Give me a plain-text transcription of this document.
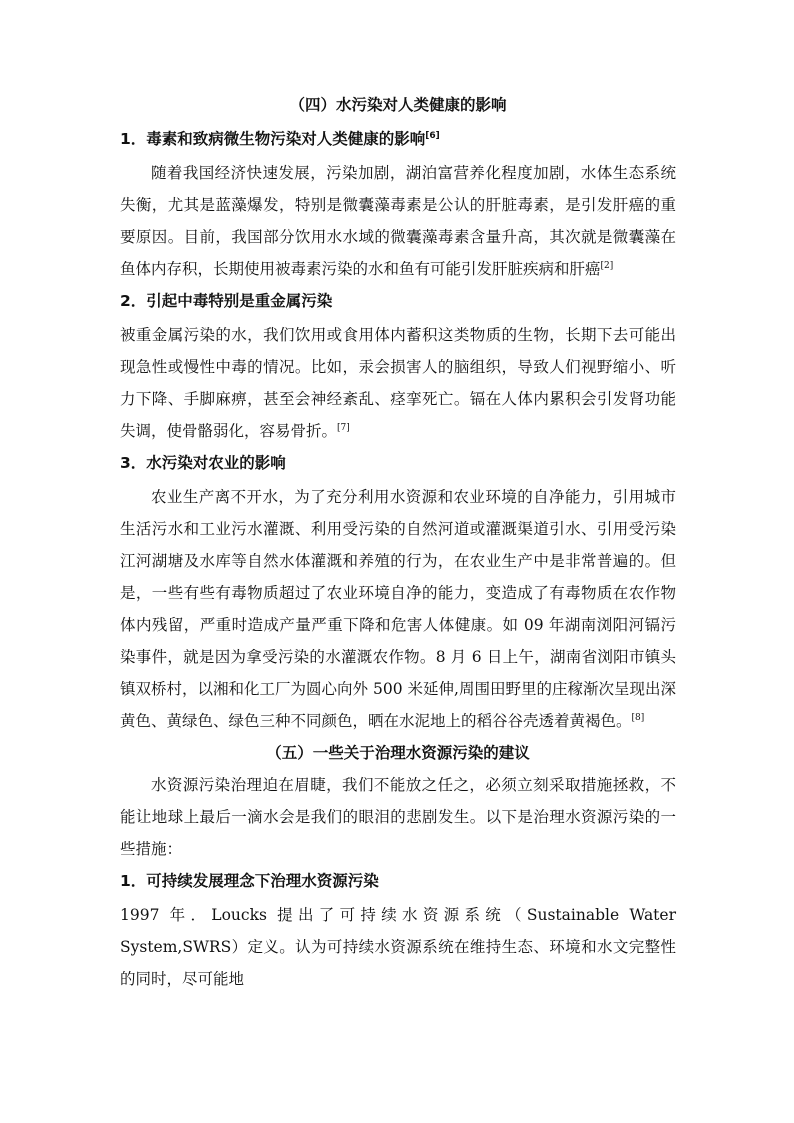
（四）水污染对人类健康的影响
1．毒素和致病微生物污染对人类健康的影响[6]
随着我国经济快速发展，污染加剧，湖泊富营养化程度加剧，水体生态系统失衡，尤其是蓝藻爆发，特别是微囊藻毒素是公认的肝脏毒素，是引发肝癌的重要原因。目前，我国部分饮用水水域的微囊藻毒素含量升高，其次就是微囊藻在鱼体内存积，长期使用被毒素污染的水和鱼有可能引发肝脏疾病和肝癌[2]
2．引起中毒特别是重金属污染
被重金属污染的水，我们饮用或食用体内蓄积这类物质的生物，长期下去可能出现急性或慢性中毒的情况。比如，汞会损害人的脑组织，导致人们视野缩小、听力下降、手脚麻痹，甚至会神经紊乱、痉挛死亡。镉在人体内累积会引发肾功能失调，使骨骼弱化，容易骨折。[7]
3．水污染对农业的影响
农业生产离不开水，为了充分利用水资源和农业环境的自净能力，引用城市生活污水和工业污水灌溉、利用受污染的自然河道或灌溉渠道引水、引用受污染江河湖塘及水库等自然水体灌溉和养殖的行为，在农业生产中是非常普遍的。但是，一些有些有毒物质超过了农业环境自净的能力，变造成了有毒物质在农作物体内残留，严重时造成产量严重下降和危害人体健康。如 09 年湖南浏阳河镉污染事件，就是因为拿受污染的水灌溉农作物。8 月 6 日上午，湖南省浏阳市镇头镇双桥村，以湘和化工厂为圆心向外 500 米延伸,周围田野里的庄稼渐次呈现出深黄色、黄绿色、绿色三种不同颜色，晒在水泥地上的稻谷谷壳透着黄褐色。[8]
（五）一些关于治理水资源污染的建议
水资源污染治理迫在眉睫，我们不能放之任之，必须立刻采取措施拯救，不能让地球上最后一滴水会是我们的眼泪的悲剧发生。以下是治理水资源污染的一些措施：
1．可持续发展理念下治理水资源污染
1997 年．Loucks 提出了可持续水资源系统（Sustainable Water System,SWRS）定义。认为可持续水资源系统在维持生态、环境和水文完整性的同时，尽可能地
